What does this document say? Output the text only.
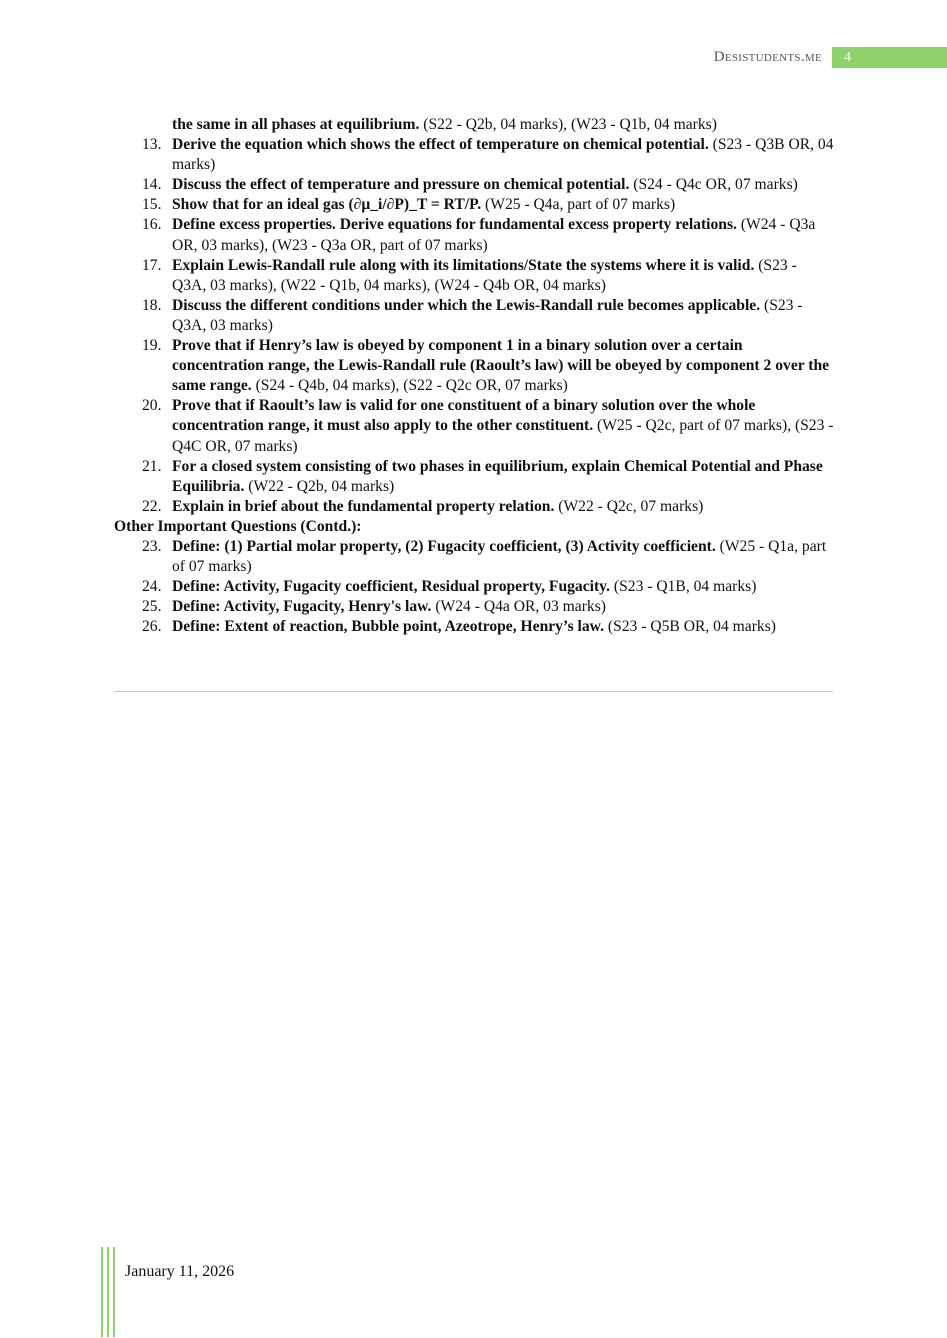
Desistudents.me	4
the same in all phases at equilibrium. (S22 - Q2b, 04 marks), (W23 - Q1b, 04 marks)
13. Derive the equation which shows the effect of temperature on chemical potential. (S23 - Q3B OR, 04 marks)
14. Discuss the effect of temperature and pressure on chemical potential. (S24 - Q4c OR, 07 marks)
15. Show that for an ideal gas (∂μ_i/∂P)_T = RT/P. (W25 - Q4a, part of 07 marks)
16. Define excess properties. Derive equations for fundamental excess property relations. (W24 - Q3a OR, 03 marks), (W23 - Q3a OR, part of 07 marks)
17. Explain Lewis-Randall rule along with its limitations/State the systems where it is valid. (S23 - Q3A, 03 marks), (W22 - Q1b, 04 marks), (W24 - Q4b OR, 04 marks)
18. Discuss the different conditions under which the Lewis-Randall rule becomes applicable. (S23 - Q3A, 03 marks)
19. Prove that if Henry’s law is obeyed by component 1 in a binary solution over a certain concentration range, the Lewis-Randall rule (Raoult’s law) will be obeyed by component 2 over the same range. (S24 - Q4b, 04 marks), (S22 - Q2c OR, 07 marks)
20. Prove that if Raoult’s law is valid for one constituent of a binary solution over the whole concentration range, it must also apply to the other constituent. (W25 - Q2c, part of 07 marks), (S23 - Q4C OR, 07 marks)
21. For a closed system consisting of two phases in equilibrium, explain Chemical Potential and Phase Equilibria. (W22 - Q2b, 04 marks)
22. Explain in brief about the fundamental property relation. (W22 - Q2c, 07 marks)

Other Important Questions (Contd.):

23. Define: (1) Partial molar property, (2) Fugacity coefficient, (3) Activity coefficient. (W25 - Q1a, part of 07 marks)
24. Define: Activity, Fugacity coefficient, Residual property, Fugacity. (S23 - Q1B, 04 marks)
25. Define: Activity, Fugacity, Henry's law. (W24 - Q4a OR, 03 marks)
26. Define: Extent of reaction, Bubble point, Azeotrope, Henry’s law. (S23 - Q5B OR, 04 marks)
January 11, 2026
